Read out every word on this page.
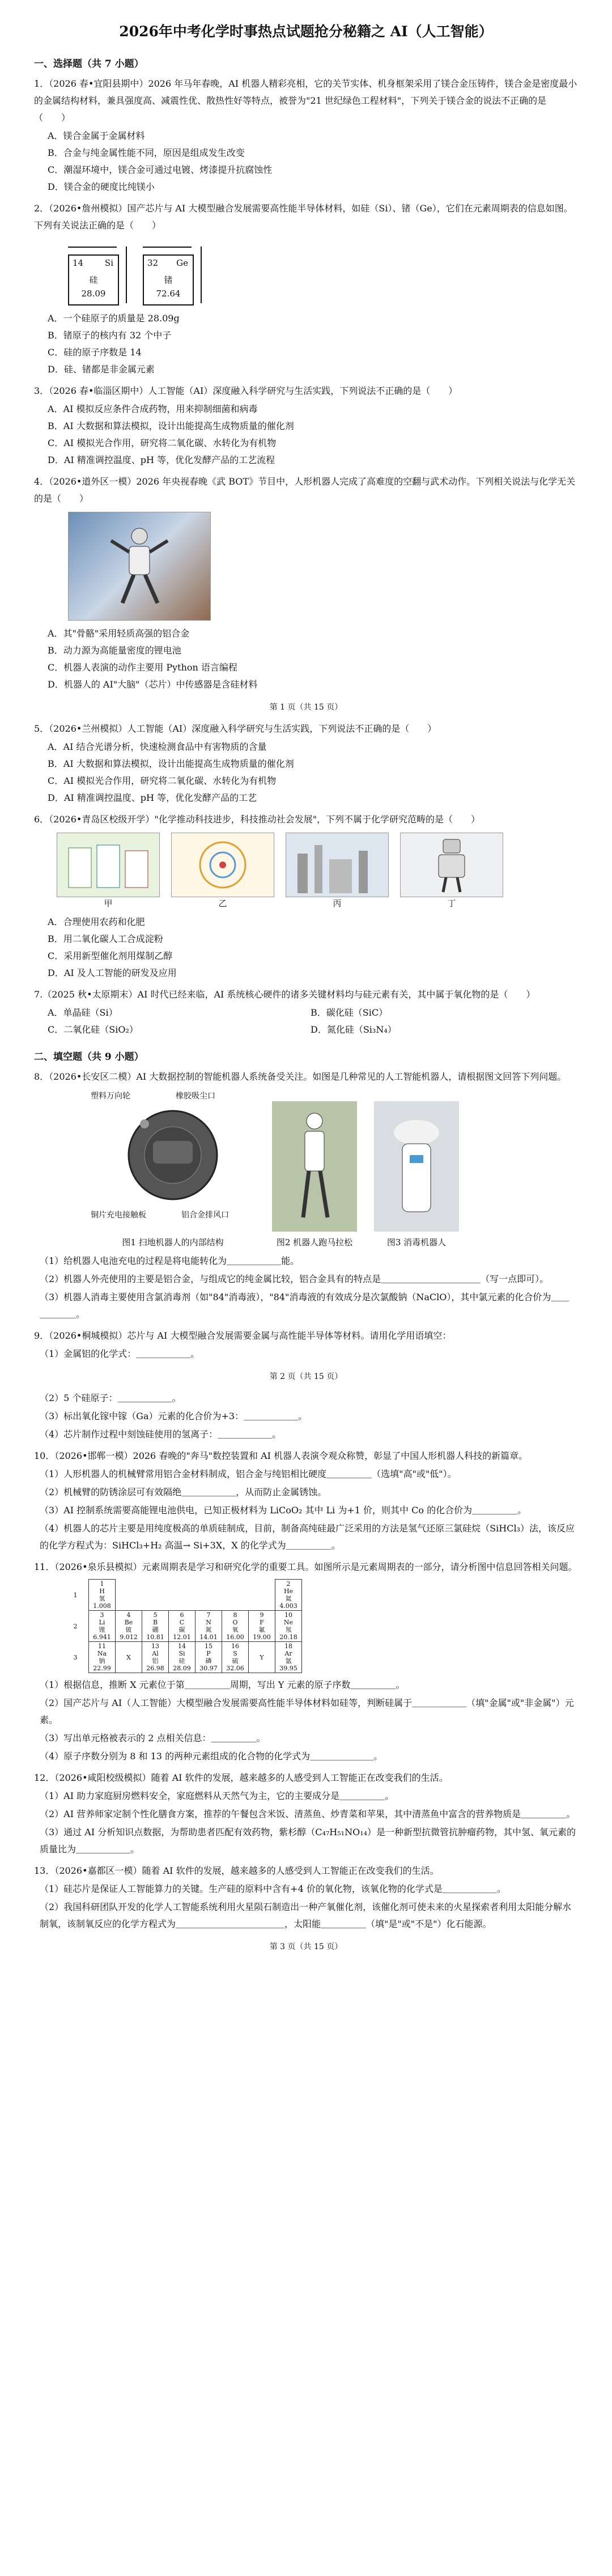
2026年中考化学时事热点试题抢分秘籍之 AI（人工智能）
一、选择题（共 7 小题）
1．（2026 春•宜阳县期中）2026 年马年春晚，AI 机器人精彩亮相，它的关节实体、机身框架采用了镁合金压铸件，镁合金是密度最小的金属结构材料，兼具强度高、减震性优、散热性好等特点，被誉为"21 世纪绿色工程材料"，下列关于镁合金的说法不正确的是（　　）
A．镁合金属于金属材料
B．合金与纯金属性能不同，原因是组成发生改变
C．潮湿环境中，镁合金可通过电镀、烤漆提升抗腐蚀性
D．镁合金的硬度比纯镁小
2．（2026•詹州模拟）国产芯片与 AI 大模型融合发展需要高性能半导体材料，如硅（Si）、锗（Ge），它们在元素周期表的信息如图。下列有关说法正确的是（　　）
14	Si
硅
28.09
32 Ge
锗
72.64
A．一个硅原子的质量是 28.09g
B．锗原子的核内有 32 个中子
C．硅的原子序数是 14
D．硅、锗都是非金属元素
3．（2026 春•临淄区期中）人工智能（AI）深度融入科学研究与生活实践，下列说法不正确的是（　　）
A．AI 模拟反应条件合成药物，用来抑制细菌和病毒
B．AI 大数据和算法模拟，设计出能提高生成物质量的催化剂
C．AI 模拟光合作用，研究将二氧化碳、水转化为有机物
D．AI 精准调控温度、pH 等，优化发酵产品的工艺流程
4．（2026•道外区一模）2026 年央视春晚《武 BOT》节目中，人形机器人完成了高难度的空翻与武术动作。下列相关说法与化学无关的是（　　）
A．其"骨骼"采用轻质高强的铝合金
B．动力源为高能量密度的锂电池
C．机器人表演的动作主要用 Python 语言编程
D．机器人的 AI"大脑"（芯片）中传感器是含硅材料
第 1 页（共 15 页）
5．（2026•兰州模拟）人工智能（AI）深度融入科学研究与生活实践，下列说法不正确的是（　　）
A．AI 结合光谱分析，快速检测食品中有害物质的含量
B．AI 大数据和算法模拟，设计出能提高生成物质量的催化剂
C．AI 模拟光合作用，研究将二氧化碳、水转化为有机物
D．AI 精准调控温度、pH 等，优化发酵产品的工艺
6．（2026•青岛区校级开学）"化学推动科技进步，科技推动社会发展"，下列不属于化学研究范畴的是（　　）
甲	乙	丙	丁
A．合理使用农药和化肥
B．用二氧化碳人工合成淀粉
C．采用新型催化剂用煤制乙醇
D．AI 及人工智能的研发及应用
7.（2025 秋•太原期末）AI 时代已经来临，AI 系统核心硬件的诸多关键材料均与硅元素有关，其中属于氧化物的是（　　）
A．单晶硅（Si）	B．碳化硅（SiC）
C．二氧化硅（SiO₂）	D．氮化硅（Si₃N₄）
二、填空题（共 9 小题）
8．（2026•长安区二模）AI 大数据控制的智能机器人系统备受关注。如图是几种常见的人工智能机器人，请根据图文回答下列问题。
塑料万向轮	橡胶吸尘口
铜片充电接触板	铝合金排风口
图1 扫地机器人的内部结构	图2 机器人跑马拉松	图3 消毒机器人
（1）给机器人电池充电的过程是将电能转化为＿＿＿＿＿＿能。
（2）机器人外壳使用的主要是铝合金，与组成它的纯金属比较，铝合金具有的特点是＿＿＿＿＿＿＿＿＿＿＿（写一点即可）。
（3）机器人消毒主要使用含氯消毒剂（如"84"消毒液），"84"消毒液的有效成分是次氯酸钠（NaClO），其中氯元素的化合价为＿＿＿＿＿＿。
9．（2026•桐城模拟）芯片与 AI 大模型融合发展需要金属与高性能半导体等材料。请用化学用语填空：
（1）金属铝的化学式：＿＿＿＿＿＿。
第 2 页（共 15 页）
（2）5 个硅原子：＿＿＿＿＿＿。
（3）标出氧化镓中镓（Ga）元素的化合价为+3：＿＿＿＿＿＿。
（4）芯片制作过程中刻蚀硅使用的氢离子：＿＿＿＿＿＿。
10．（2026•邯郸一模）2026 春晚的"奔马"数控装置和 AI 机器人表演令观众称赞，彰显了中国人形机器人科技的新篇章。
（1）人形机器人的机械臂常用铝合金材料制成，铝合金与纯铝相比硬度＿＿＿＿＿（选填"高"或"低"）。
（2）机械臂的防锈涂层可有效隔绝＿＿＿＿＿＿，从而防止金属锈蚀。
（3）AI 控制系统需要高能锂电池供电，已知正极材料为 LiCoO₂ 其中 Li 为+1 价，则其中 Co 的化合价为＿＿＿＿＿。
（4）机器人的芯片主要是用纯度极高的单质硅制成，目前，制备高纯硅最广泛采用的方法是氢气还原三氯硅烷（SiHCl₃）法，该反应的化学方程式为：SiHCl₃+H₂ 高温→ Si+3X，X 的化学式为＿＿＿＿＿。
11．（2026•泉乐县模拟）元素周期表是学习和研究化学的重要工具。如图所示是元素周期表的一部分，请分析图中信息回答相关问题。
1	1
H
氢
1.008							2
He
氦
4.003
2	3
Li
锂
6.941	4
Be
铍
9.012	5
B
硼
10.81	6
C
碳
12.01	7
N
氮
14.01	8
O
氧
16.00	9
F
氟
19.00	10
Ne
氖
20.18
3	11
Na
钠
22.99	X	13
Al
铝
26.98	14
Si
硅
28.09	15
P
磷
30.97	16
S
硫
32.06	Y	18
Ar
氩
39.95
（1）根据信息，推断 X 元素位于第＿＿＿＿＿周期，写出 Y 元素的原子序数＿＿＿＿＿。
（2）国产芯片与 AI（人工智能）大模型融合发展需要高性能半导体材料如硅等，判断硅属于＿＿＿＿＿＿（填"金属"或"非金属"）元素。
（3）写出单元格被表示的 2 点相关信息：＿＿＿＿＿。
（4）原子序数分别为 8 和 13 的两种元素组成的化合物的化学式为＿＿＿＿＿＿＿。
12．（2026•咸阳校级模拟）随着 AI 软件的发展，越来越多的人感受到人工智能正在改变我们的生活。
（1）AI 助力家庭厨房燃料安全，家庭燃料从天然气为主，它的主要成分是＿＿＿＿＿。
（2）AI 营养师家定制个性化膳食方案，推荐的午餐包含米饭、清蒸鱼、炒青菜和苹果，其中清蒸鱼中富含的营养物质是＿＿＿＿＿。
（3）通过 AI 分析知识点数据，为帮助患者匹配有效药物，紫杉醇（C₄₇H₅₁NO₁₄）是一种新型抗微管抗肿瘤药物，其中氢、氧元素的质量比为＿＿＿＿＿＿。
13．（2026•嘉都区一模）随着 AI 软件的发展，越来越多的人感受到人工智能正在改变我们的生活。
（1）硅芯片是保证人工智能算力的关键。生产硅的原料中含有+4 价的氧化物，该氧化物的化学式是＿＿＿＿＿＿。
（2）我国科研团队开发的化学人工智能系统利用火星陨石制造出一种产氧催化剂，该催化剂可使未来的火星探索者利用太阳能分解水制氧，该制氧反应的化学方程式为＿＿＿＿＿＿＿＿＿＿＿＿，太阳能＿＿＿＿＿（填"是"或"不是"）化石能源。
第 3 页（共 15 页）
